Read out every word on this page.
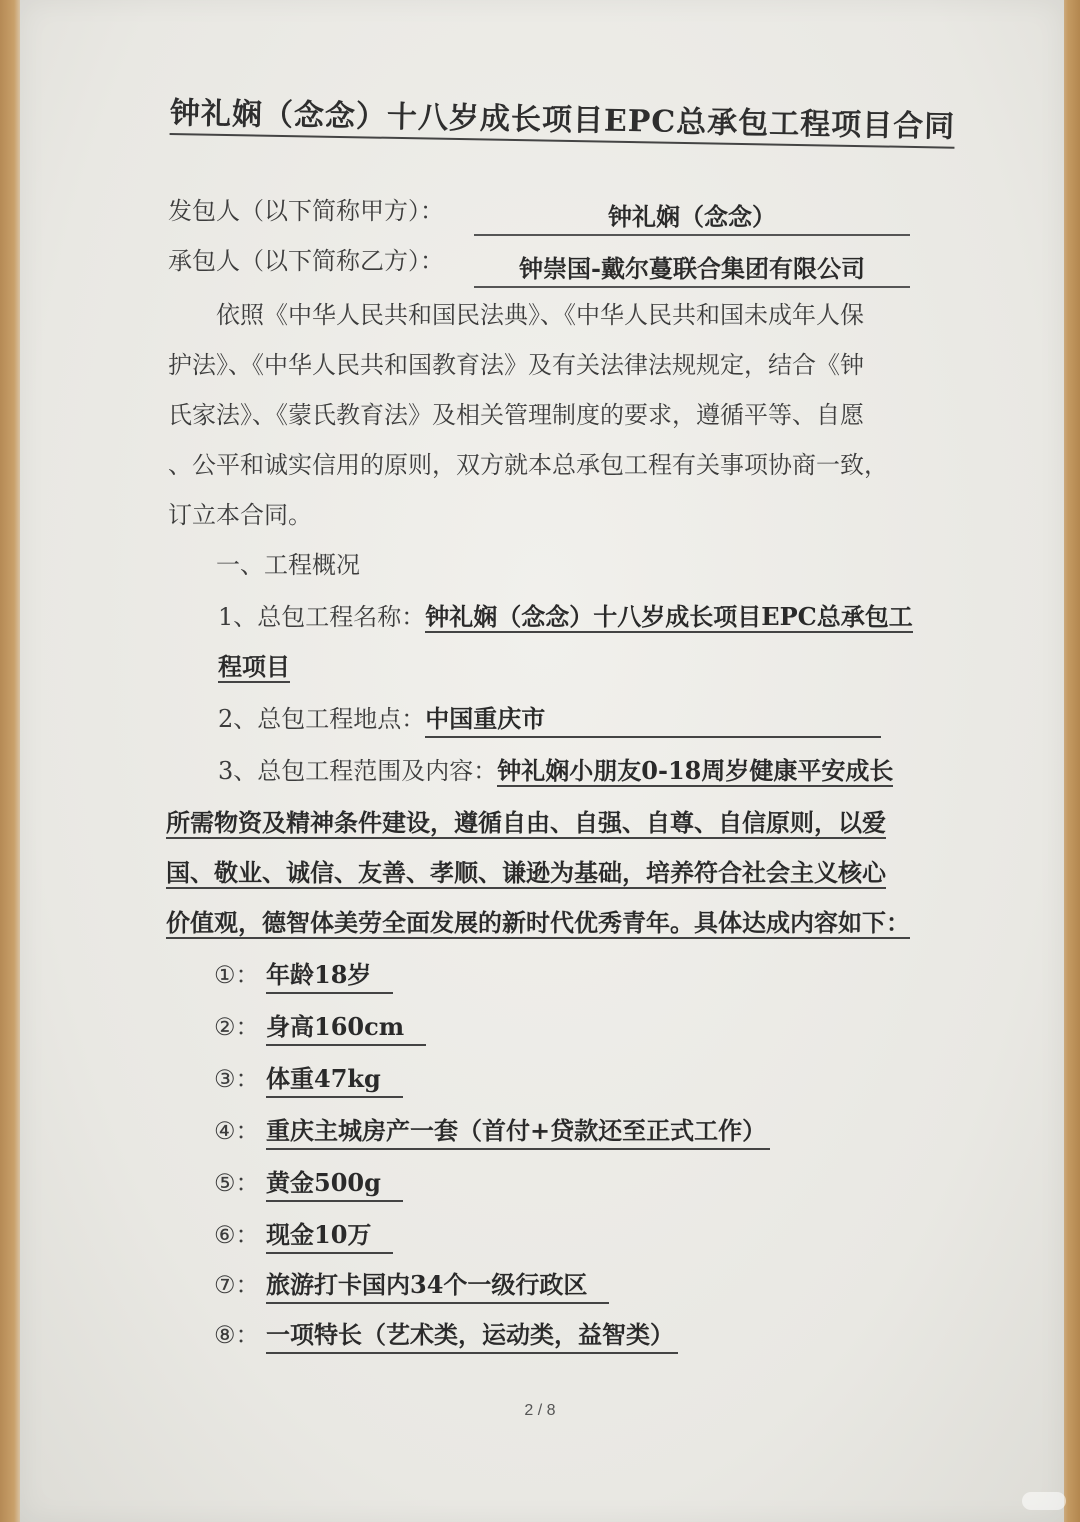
钟礼娴（念念）十八岁成长项目EPC总承包工程项目合同
发包人（以下简称甲方）：	钟礼娴（念念）
承包人（以下简称乙方）：	钟崇国-戴尔蔓联合集团有限公司
　　依照《中华人民共和国民法典》、《中华人民共和国未成年人保
护法》、《中华人民共和国教育法》及有关法律法规规定，结合《钟
氏家法》、《蒙氏教育法》及相关管理制度的要求，遵循平等、自愿
、公平和诚实信用的原则，双方就本总承包工程有关事项协商一致，
订立本合同。
　　一、工程概况
1、总包工程名称：钟礼娴（念念）十八岁成长项目EPC总承包工
程项目
2、总包工程地点：中国重庆市
3、总包工程范围及内容：钟礼娴小朋友0-18周岁健康平安成长
所需物资及精神条件建设，遵循自由、自强、自尊、自信原则，以爱
国、敬业、诚信、友善、孝顺、谦逊为基础，培养符合社会主义核心
价值观，德智体美劳全面发展的新时代优秀青年。具体达成内容如下：
①： 年龄18岁
②： 身高160cm
③： 体重47kg
④： 重庆主城房产一套（首付+贷款还至正式工作）
⑤： 黄金500g
⑥： 现金10万
⑦： 旅游打卡国内34个一级行政区
⑧： 一项特长（艺术类，运动类，益智类）
2 / 8
